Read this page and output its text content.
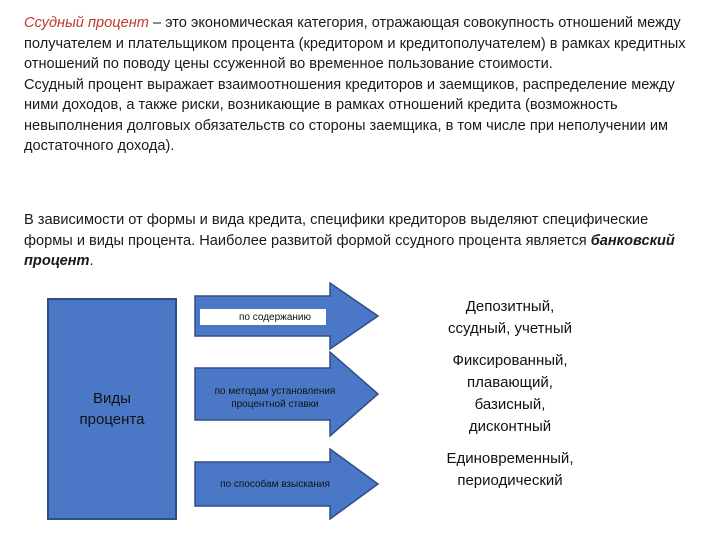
Ссудный процент – это экономическая категория, отражающая совокупность отношений между получателем и плательщиком процента (кредитором и кредитополучателем) в рамках кредитных отношений по поводу цены ссуженной во временное пользование стоимости.
Ссудный процент выражает взаимоотношения кредиторов и заемщиков, распределение между ними доходов, а также риски, возникающие в рамках отношений кредита (возможность невыполнения долговых обязательств со стороны заемщика, в том числе при неполучении им достаточного дохода).

В зависимости от формы и вида кредита, специфики кредиторов выделяют специфические формы и виды процента. Наиболее развитой формой ссудного процента является банковский процент.

Виды
процента
по содержанию
по методам установления процентной ставки
по способам взыскания
Депозитный,
ссудный, учетный
Фиксированный,
плавающий,
базисный,
дисконтный
Единовременный,
периодический
